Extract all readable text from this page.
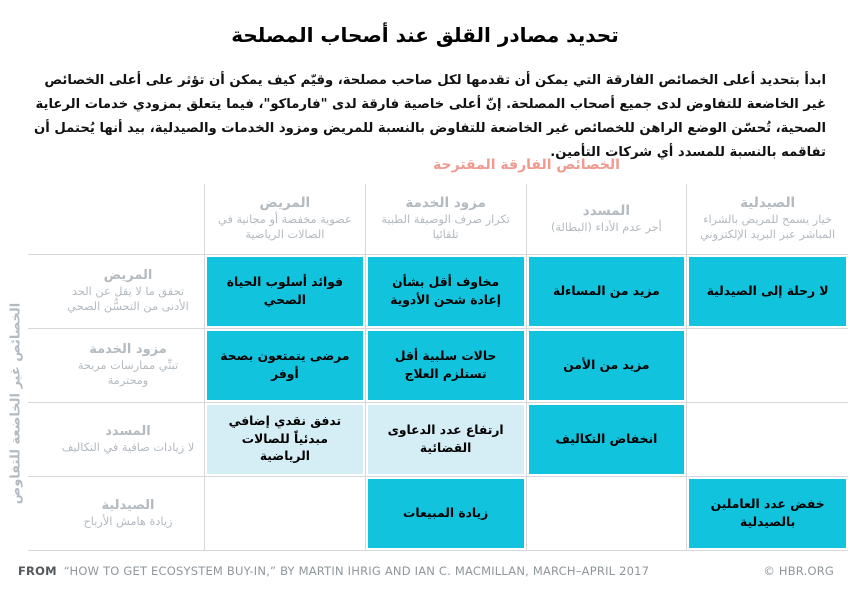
تحديد مصادر القلق عند أصحاب المصلحة

ابدأ بتحديد أعلى الخصائص الفارقة التي يمكن أن تقدمها لكل صاحب مصلحة، وقيّم كيف يمكن أن تؤثر على أعلى الخصائص غير الخاضعة للتفاوض لدى جميع أصحاب المصلحة. إنّ أعلى خاصية فارقة لدى "فارماكو"، فيما يتعلق بمزودي خدمات الرعاية الصحية، تُحسّن الوضع الراهن للخصائص غير الخاضعة للتفاوض بالنسبة للمريض ومزود الخدمات والصيدلية، بيد أنها يُحتمل أن تفاقمه بالنسبة للمسدد أي شركات التأمين.

الخصائص الفارقة المقترحة
الخصائص غير الخاضعة للتفاوض
الصيدلية
خيار يسمح للمريض بالشراء المباشر عبر البريد الإلكتروني
المسدد
أجر عدم الأداء (البطالة)
مزود الخدمة
تكرار صرف الوصيفة الطبية تلقائيا
المريض
عضوية مخفضة أو مجانية في الصالات الرياضية
لا رحلة إلى الصيدلية
مزيد من المساءلة
مخاوف أقل بشأن إعادة شحن الأدوية
فوائد أسلوب الحياة الصحي
المريض
تحقق ما لا يقل عن الحد الأدنى من التحسُّن الصحي
مزيد من الأمن
حالات سلبية أقل تستلزم العلاج
مرضى يتمتعون بصحة أوفر
مزود الخدمة
تبنِّي ممارسات مربحة ومحترمة
انخفاض التكاليف
ارتفاع عدد الدعاوى القضائية
تدفق نقدي إضافي مبدئياً للصالات الرياضية
المسدد
لا زيادات صافية في التكاليف
خفض عدد العاملين بالصيدلية
زيادة المبيعات
الصيدلية
زيادة هامش الأرباح
FROM “HOW TO GET ECOSYSTEM BUY-IN,” BY MARTIN IHRIG AND IAN C. MACMILLAN, MARCH–APRIL 2017	© HBR.ORG
